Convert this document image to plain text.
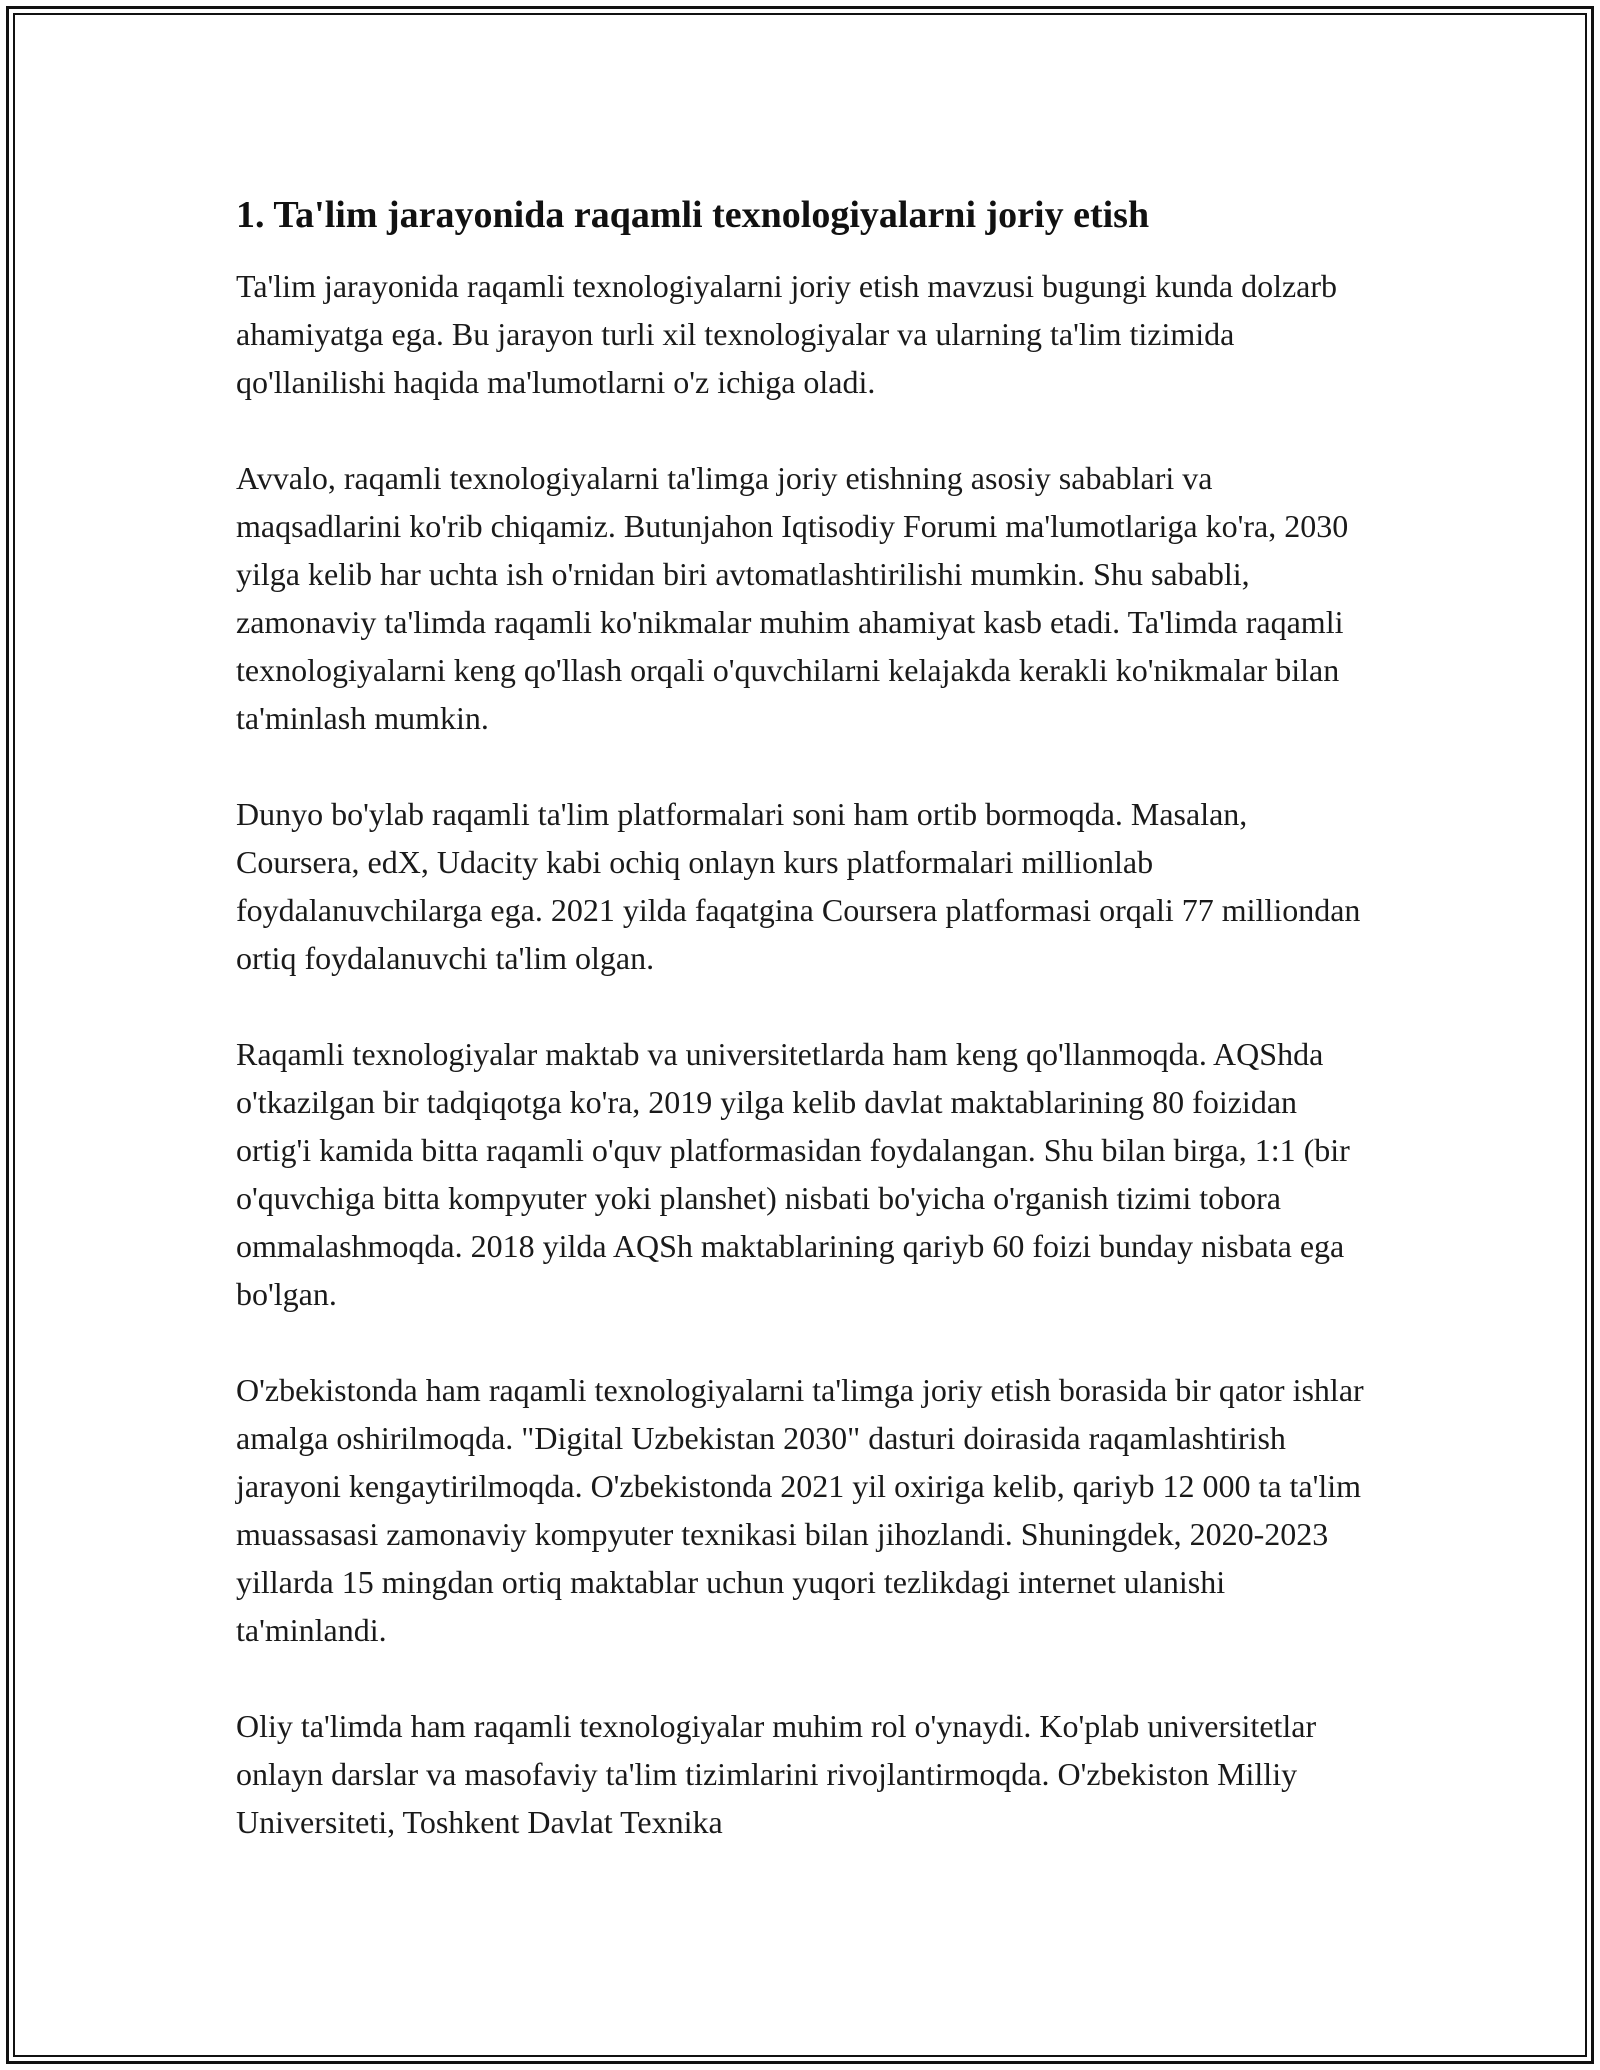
1. Ta'lim jarayonida raqamli texnologiyalarni joriy etish

Ta'lim jarayonida raqamli texnologiyalarni joriy etish mavzusi bugungi kunda dolzarb ahamiyatga ega. Bu jarayon turli xil texnologiyalar va ularning ta'lim tizimida qo'llanilishi haqida ma'lumotlarni o'z ichiga oladi.

Avvalo, raqamli texnologiyalarni ta'limga joriy etishning asosiy sabablari va maqsadlarini ko'rib chiqamiz. Butunjahon Iqtisodiy Forumi ma'lumotlariga ko'ra, 2030 yilga kelib har uchta ish o'rnidan biri avtomatlashtirilishi mumkin. Shu sababli, zamonaviy ta'limda raqamli ko'nikmalar muhim ahamiyat kasb etadi. Ta'limda raqamli texnologiyalarni keng qo'llash orqali o'quvchilarni kelajakda kerakli ko'nikmalar bilan ta'minlash mumkin.

Dunyo bo'ylab raqamli ta'lim platformalari soni ham ortib bormoqda. Masalan, Coursera, edX, Udacity kabi ochiq onlayn kurs platformalari millionlab foydalanuvchilarga ega. 2021 yilda faqatgina Coursera platformasi orqali 77 milliondan ortiq foydalanuvchi ta'lim olgan.

Raqamli texnologiyalar maktab va universitetlarda ham keng qo'llanmoqda. AQShda o'tkazilgan bir tadqiqotga ko'ra, 2019 yilga kelib davlat maktablarining 80 foizidan ortig'i kamida bitta raqamli o'quv platformasidan foydalangan. Shu bilan birga, 1:1 (bir o'quvchiga bitta kompyuter yoki planshet) nisbati bo'yicha o'rganish tizimi tobora ommalashmoqda. 2018 yilda AQSh maktablarining qariyb 60 foizi bunday nisbata ega bo'lgan.

O'zbekistonda ham raqamli texnologiyalarni ta'limga joriy etish borasida bir qator ishlar amalga oshirilmoqda. "Digital Uzbekistan 2030" dasturi doirasida raqamlashtirish jarayoni kengaytirilmoqda. O'zbekistonda 2021 yil oxiriga kelib, qariyb 12 000 ta ta'lim muassasasi zamonaviy kompyuter texnikasi bilan jihozlandi. Shuningdek, 2020-2023 yillarda 15 mingdan ortiq maktablar uchun yuqori tezlikdagi internet ulanishi ta'minlandi.

Oliy ta'limda ham raqamli texnologiyalar muhim rol o'ynaydi. Ko'plab universitetlar onlayn darslar va masofaviy ta'lim tizimlarini rivojlantirmoqda. O'zbekiston Milliy Universiteti, Toshkent Davlat Texnika
